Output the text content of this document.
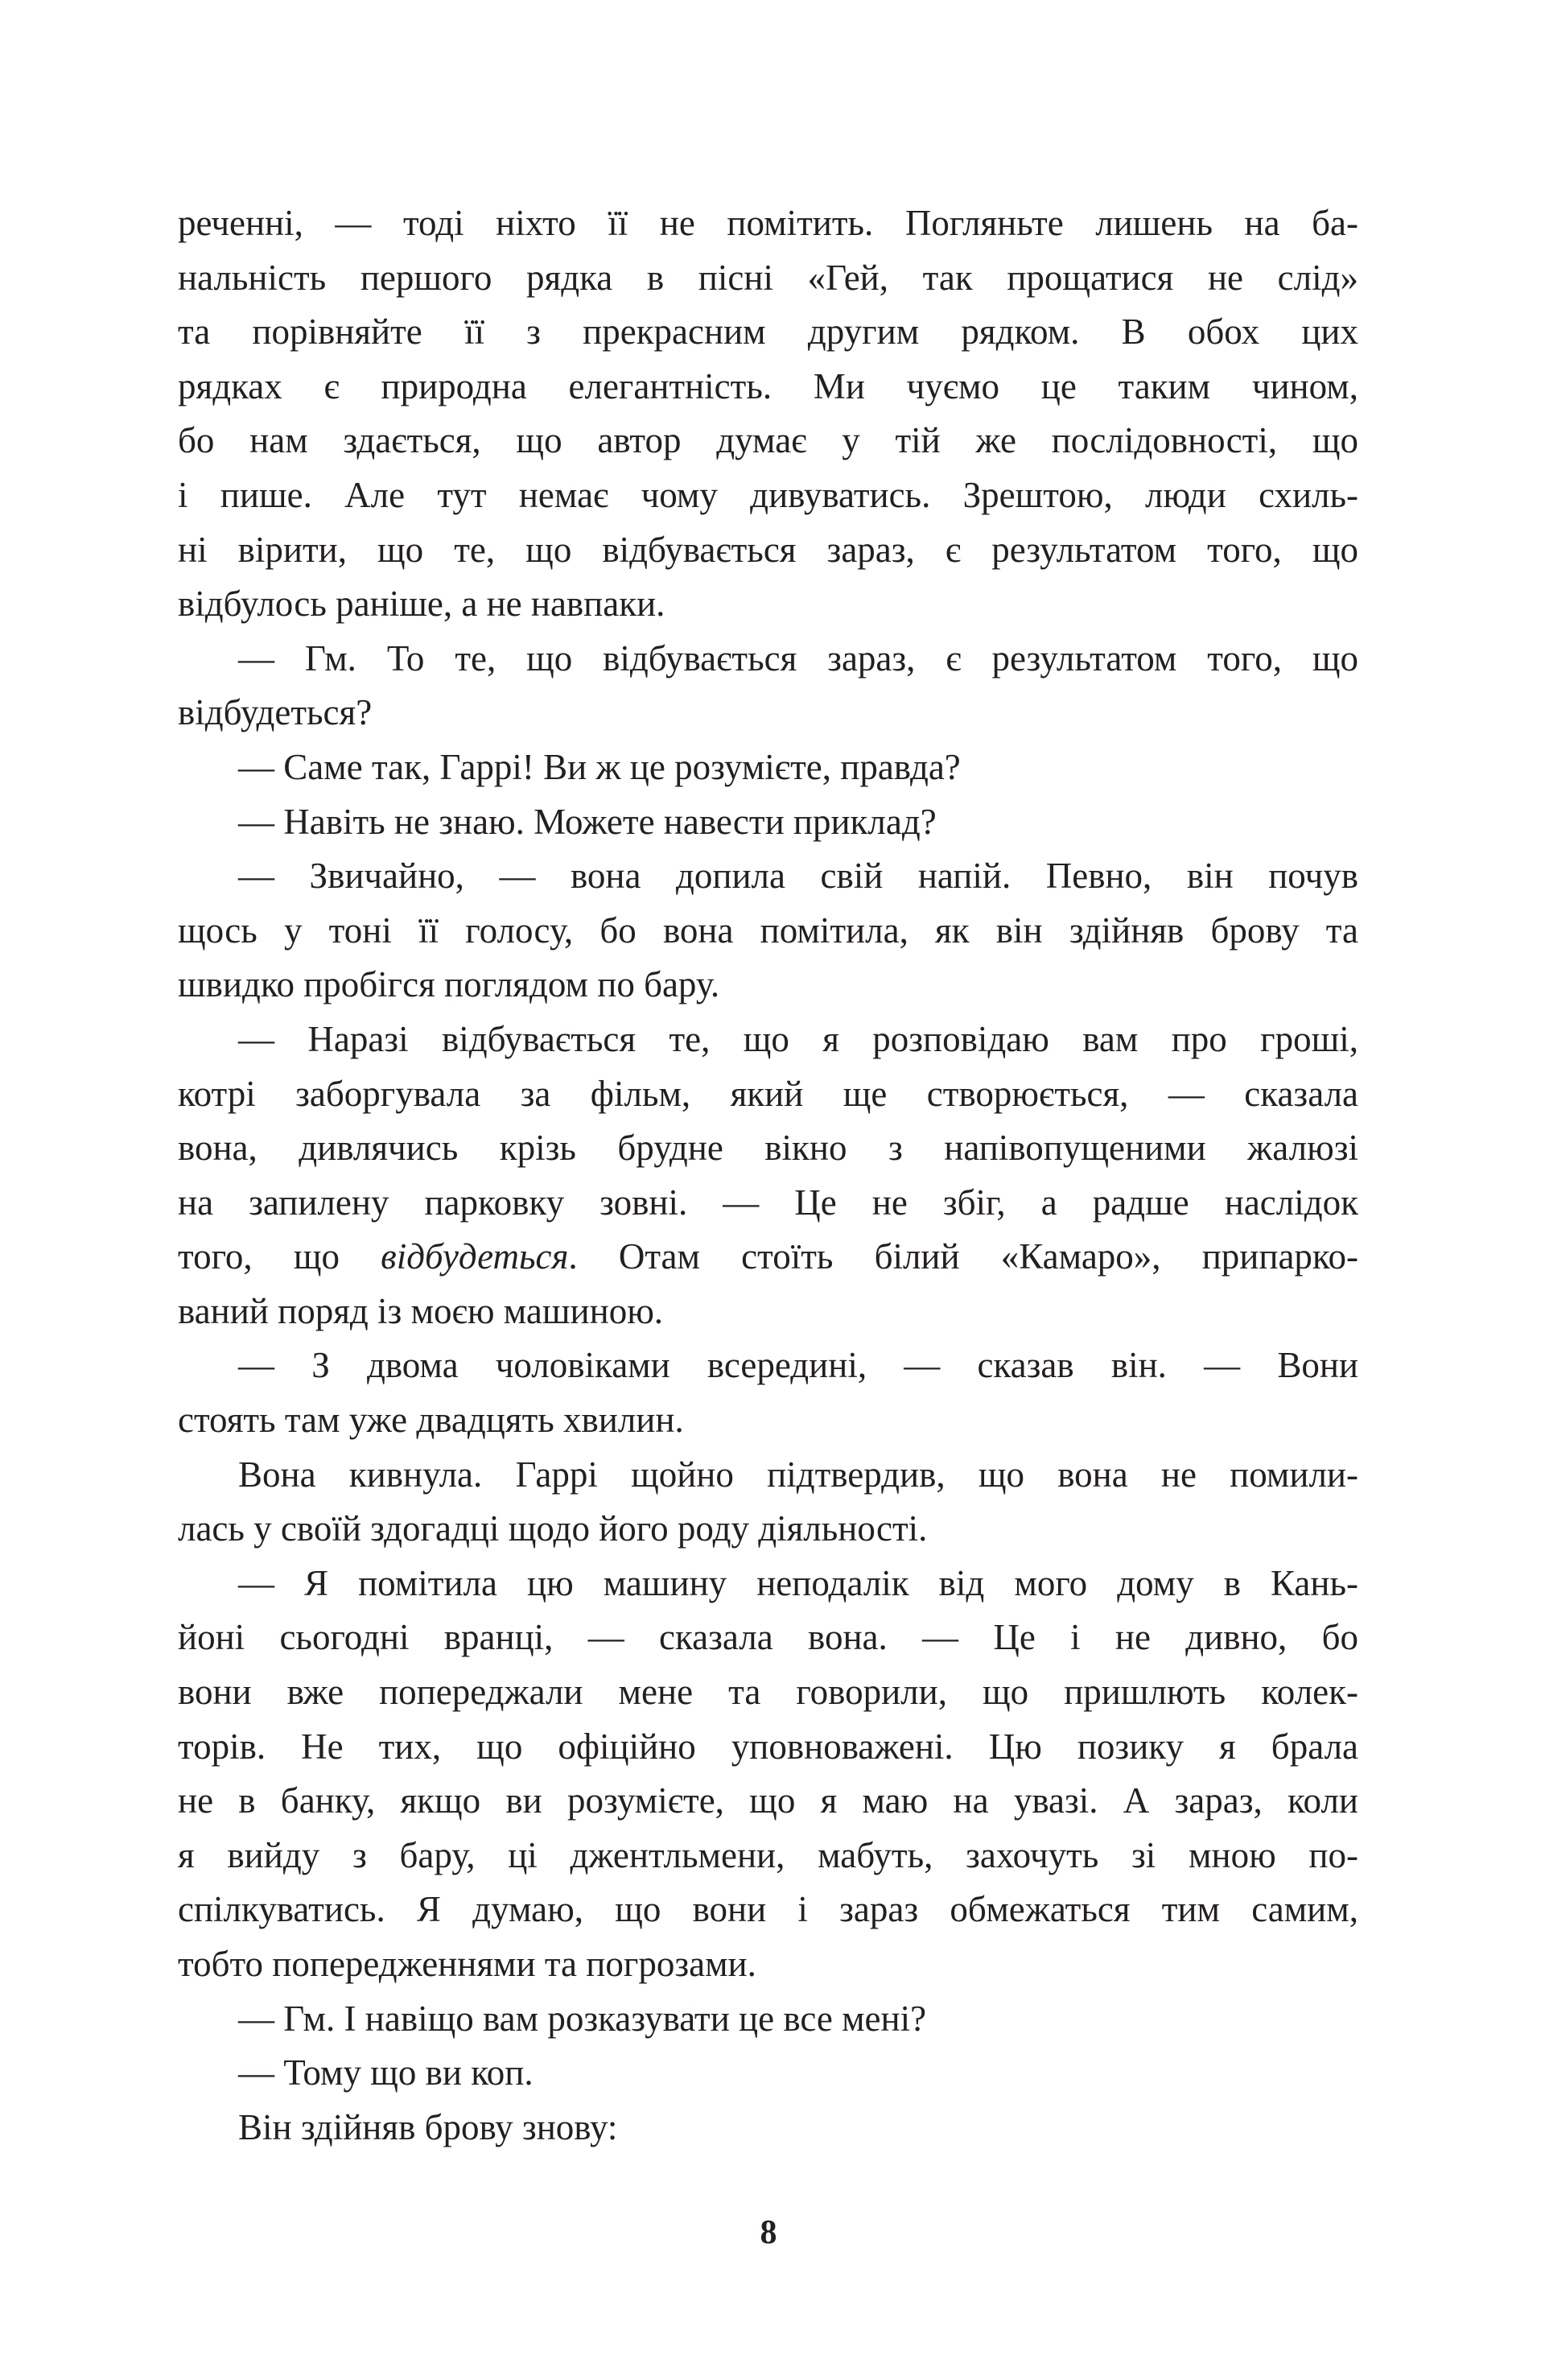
реченні, — тоді ніхто її не помітить. Погляньте лишень на ба-
нальність першого рядка в пісні «Гей, так прощатися не слід»
та порівняйте її з прекрасним другим рядком. В обох цих
рядках є природна елегантність. Ми чуємо це таким чином,
бо нам здається, що автор думає у тій же послідовності, що
і пише. Але тут немає чому дивуватись. Зрештою, люди схиль-
ні вірити, що те, що відбувається зараз, є результатом того, що
відбулось раніше, а не навпаки.
— Гм. То те, що відбувається зараз, є результатом того, що
відбудеться?
— Саме так, Гаррі! Ви ж це розумієте, правда?
— Навіть не знаю. Можете навести приклад?
— Звичайно, — вона допила свій напій. Певно, він почув
щось у тоні її голосу, бо вона помітила, як він здійняв брову та
швидко пробігся поглядом по бару.
— Наразі відбувається те, що я розповідаю вам про гроші,
котрі заборгувала за фільм, який ще створюється, — сказала
вона, дивлячись крізь брудне вікно з напівопущеними жалюзі
на запилену парковку зовні. — Це не збіг, а радше наслідок
того, що відбудеться. Отам стоїть білий «Камаро», припарко-
ваний поряд із моєю машиною.
— З двома чоловіками всередині, — сказав він. — Вони
стоять там уже двадцять хвилин.
Вона кивнула. Гаррі щойно підтвердив, що вона не помили-
лась у своїй здогадці щодо його роду діяльності.
— Я помітила цю машину неподалік від мого дому в Кань-
йоні сьогодні вранці, — сказала вона. — Це і не дивно, бо
вони вже попереджали мене та говорили, що пришлють колек-
торів. Не тих, що офіційно уповноважені. Цю позику я брала
не в банку, якщо ви розумієте, що я маю на увазі. А зараз, коли
я вийду з бару, ці джентльмени, мабуть, захочуть зі мною по-
спілкуватись. Я думаю, що вони і зараз обмежаться тим самим,
тобто попередженнями та погрозами.
— Гм. І навіщо вам розказувати це все мені?
— Тому що ви коп.
Він здійняв брову знову:
8
